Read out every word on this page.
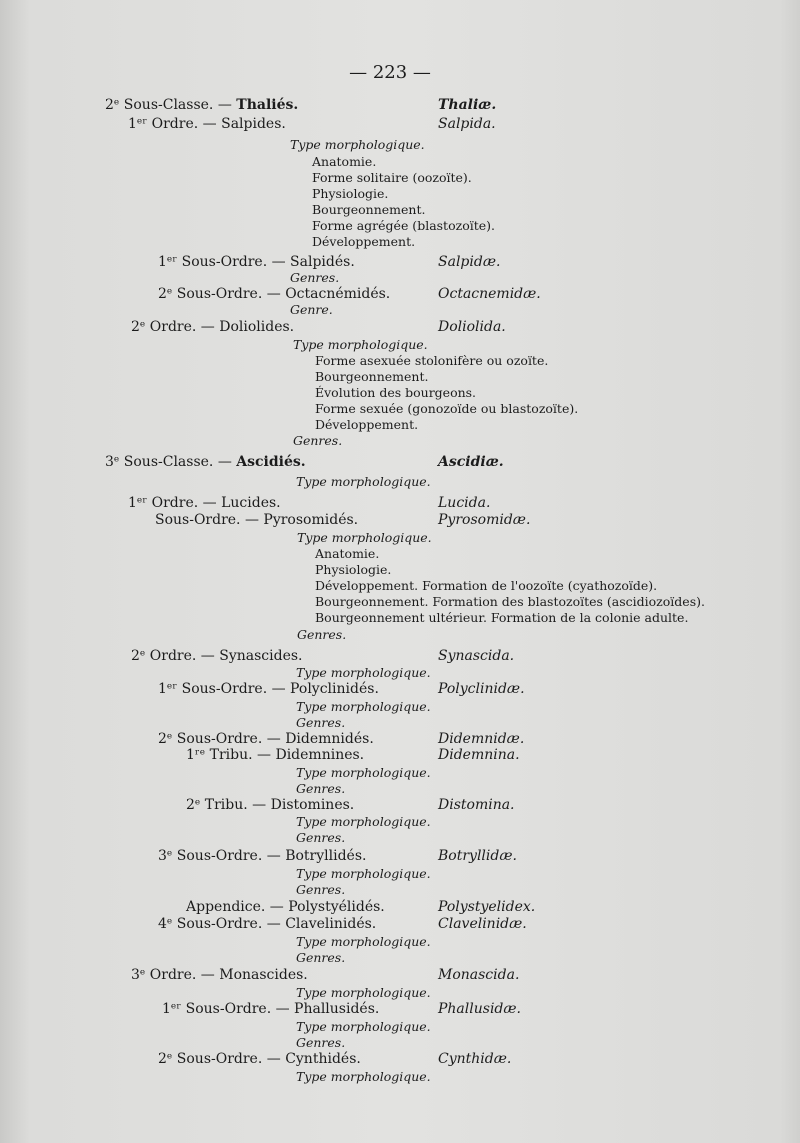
— 223 —
2ᵉ Sous-Classe. — Thaliés.	Thaliæ.
1ᵉʳ Ordre. — Salpides.	Salpida.
Type morphologique.
Anatomie.
Forme solitaire (oozoïte).
Physiologie.
Bourgeonnement.
Forme agrégée (blastozoïte).
Développement.
1ᵉʳ Sous-Ordre. — Salpidés.	Salpidæ.
Genres.
2ᵉ Sous-Ordre. — Octacnémidés.	Octacnemidæ.
Genre.
2ᵉ Ordre. — Doliolides.	Doliolida.
Type morphologique.
Forme asexuée stolonifère ou ozoïte.
Bourgeonnement.
Évolution des bourgeons.
Forme sexuée (gonozoïde ou blastozoïte).
Développement.
Genres.
3ᵉ Sous-Classe. — Ascidiés.	Ascidiæ.
Type morphologique.
1ᵉʳ Ordre. — Lucides.	Lucida.
Sous-Ordre. — Pyrosomidés.	Pyrosomidæ.
Type morphologique.
Anatomie.
Physiologie.
Développement. Formation de l'oozoïte (cyathozoïde).
Bourgeonnement. Formation des blastozoïtes (ascidiozoïdes).
Bourgeonnement ultérieur. Formation de la colonie adulte.
Genres.
2ᵉ Ordre. — Synascides.	Synascida.
Type morphologique.
1ᵉʳ Sous-Ordre. — Polyclinidés.	Polyclinidæ.
Type morphologique.
Genres.
2ᵉ Sous-Ordre. — Didemnidés.	Didemnidæ.
1ʳᵉ Tribu. — Didemnines.	Didemnina.
Type morphologique.
Genres.
2ᵉ Tribu. — Distomines.	Distomina.
Type morphologique.
Genres.
3ᵉ Sous-Ordre. — Botryllidés.	Botryllidæ.
Type morphologique.
Genres.
Appendice. — Polystyélidés.	Polystyelidex.
4ᵉ Sous-Ordre. — Clavelinidés.	Clavelinidæ.
Type morphologique.
Genres.
3ᵉ Ordre. — Monascides.	Monascida.
Type morphologique.
1ᵉʳ Sous-Ordre. — Phallusidés.	Phallusidæ.
Type morphologique.
Genres.
2ᵉ Sous-Ordre. — Cynthidés.	Cynthidæ.
Type morphologique.
